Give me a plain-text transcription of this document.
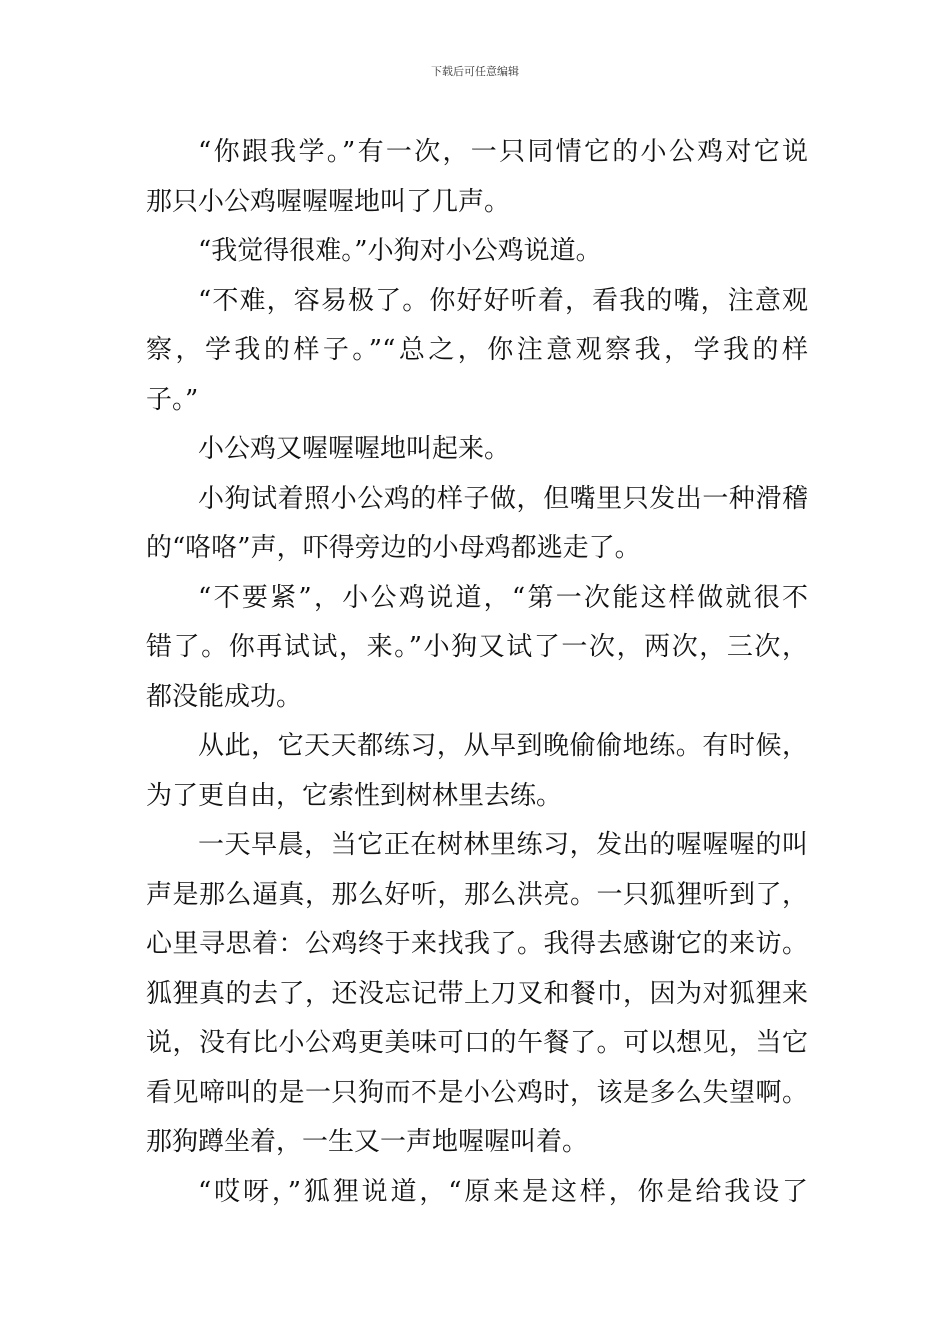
下载后可任意编辑
“你跟我学。”有一次，一只同情它的小公鸡对它说
那只小公鸡喔喔喔地叫了几声。
“我觉得很难。”小狗对小公鸡说道。
“不难，容易极了。你好好听着，看我的嘴，注意观
察，学我的样子。”“总之，你注意观察我，学我的样
子。”
小公鸡又喔喔喔地叫起来。
小狗试着照小公鸡的样子做，但嘴里只发出一种滑稽
的“咯咯”声，吓得旁边的小母鸡都逃走了。
“不要紧”，小公鸡说道，“第一次能这样做就很不
错了。你再试试，来。”小狗又试了一次，两次，三次，
都没能成功。
从此，它天天都练习，从早到晚偷偷地练。有时候，
为了更自由，它索性到树林里去练。
一天早晨，当它正在树林里练习，发出的喔喔喔的叫
声是那么逼真，那么好听，那么洪亮。一只狐狸听到了，
心里寻思着：公鸡终于来找我了。我得去感谢它的来访。
狐狸真的去了，还没忘记带上刀叉和餐巾，因为对狐狸来
说，没有比小公鸡更美味可口的午餐了。可以想见，当它
看见啼叫的是一只狗而不是小公鸡时，该是多么失望啊。
那狗蹲坐着，一生又一声地喔喔叫着。
“哎呀，”狐狸说道，“原来是这样，你是给我设了
